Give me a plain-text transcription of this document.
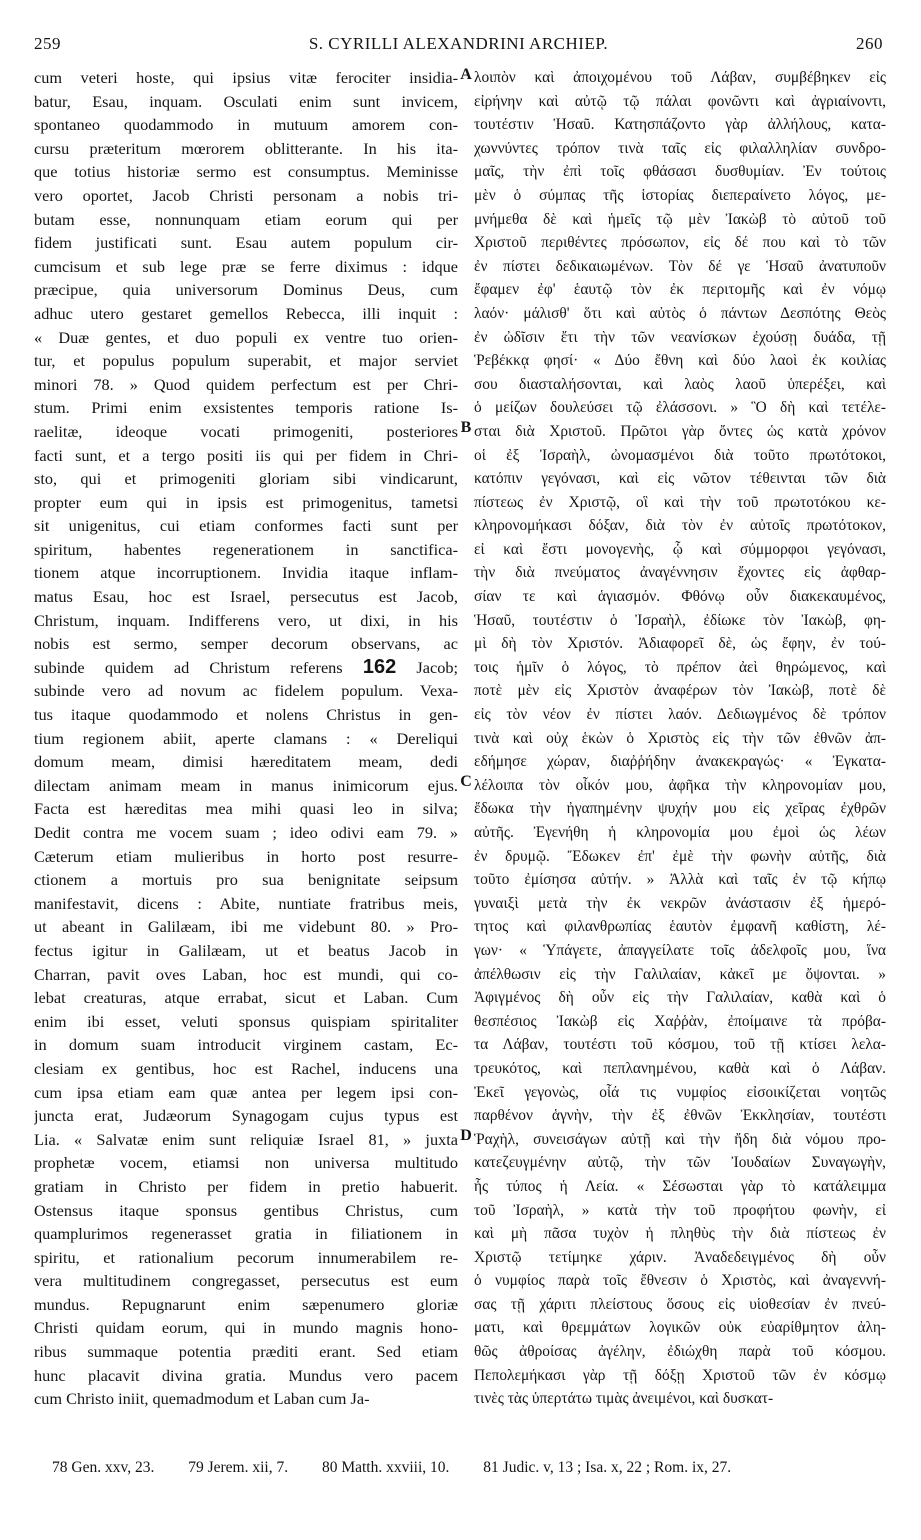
259	S. CYRILLI ALEXANDRINI ARCHIEP.	260
cum veteri hoste, qui ipsius vitæ ferociter insidia-
batur, Esau, inquam. Osculati enim sunt invicem,
spontaneo quodammodo in mutuum amorem con-
cursu præteritum mœrorem oblitterante. In his ita-
que totius historiæ sermo est consumptus. Meminisse
vero oportet, Jacob Christi personam a nobis tri-
butam esse, nonnunquam etiam eorum qui per
fidem justificati sunt. Esau autem populum cir-
cumcisum et sub lege præ se ferre diximus : idque
præcipue, quia universorum Dominus Deus, cum
adhuc utero gestaret gemellos Rebecca, illi inquit :
« Duæ gentes, et duo populi ex ventre tuo orien-
tur, et populus populum superabit, et major serviet
minori 78. » Quod quidem perfectum est per Chri-
stum. Primi enim exsistentes temporis ratione Is-
raelitæ, ideoque vocati primogeniti, posteriores
facti sunt, et a tergo positi iis qui per fidem in Chri-
sto, qui et primogeniti gloriam sibi vindicarunt,
propter eum qui in ipsis est primogenitus, tametsi
sit unigenitus, cui etiam conformes facti sunt per
spiritum, habentes regenerationem in sanctifica-
tionem atque incorruptionem. Invidia itaque inflam-
matus Esau, hoc est Israel, persecutus est Jacob,
Christum, inquam. Indifferens vero, ut dixi, in his
nobis est sermo, semper decorum observans, ac
subinde quidem ad Christum referens 162 Jacob;
subinde vero ad novum ac fidelem populum. Vexa-
tus itaque quodammodo et nolens Christus in gen-
tium regionem abiit, aperte clamans : « Dereliqui
domum meam, dimisi hæreditatem meam, dedi
dilectam animam meam in manus inimicorum ejus.
Facta est hæreditas mea mihi quasi leo in silva;
Dedit contra me vocem suam ; ideo odivi eam 79. »
Cæterum etiam mulieribus in horto post resurre-
ctionem a mortuis pro sua benignitate seipsum
manifestavit, dicens : Abite, nuntiate fratribus meis,
ut abeant in Galilæam, ibi me videbunt 80. » Pro-
fectus igitur in Galilæam, ut et beatus Jacob in
Charran, pavit oves Laban, hoc est mundi, qui co-
lebat creaturas, atque errabat, sicut et Laban. Cum
enim ibi esset, veluti sponsus quispiam spiritaliter
in domum suam introducit virginem castam, Ec-
clesiam ex gentibus, hoc est Rachel, inducens una
cum ipsa etiam eam quæ antea per legem ipsi con-
juncta erat, Judæorum Synagogam cujus typus est
Lia. « Salvatæ enim sunt reliquiæ Israel 81, » juxta
prophetæ vocem, etiamsi non universa multitudo
gratiam in Christo per fidem in pretio habuerit.
Ostensus itaque sponsus gentibus Christus, cum
quamplurimos regenerasset gratia in filiationem in
spiritu, et rationalium pecorum innumerabilem re-
vera multitudinem congregasset, persecutus est eum
mundus. Repugnarunt enim sæpenumero gloriæ
Christi quidam eorum, qui in mundo magnis hono-
ribus summaque potentia præditi erant. Sed etiam
hunc placavit divina gratia. Mundus vero pacem
cum Christo iniit, quemadmodum et Laban cum Ja-
λοιπὸν καὶ ἀποιχομένου τοῦ Λάβαν, συμβέβηκεν εἰς
εἰρήνην καὶ αὐτῷ τῷ πάλαι φονῶντι καὶ ἀγριαίνοντι,
τουτέστιν Ἡσαῦ. Κατησπάζοντο γὰρ ἀλλήλους, κατα-
χωννύντες τρόπον τινὰ ταῖς εἰς φιλαλληλίαν συνδρο-
μαῖς, τὴν ἐπὶ τοῖς φθάσασι δυσθυμίαν. Ἐν τούτοις
μὲν ὁ σύμπας τῆς ἱστορίας διεπεραίνετο λόγος, με-
μνήμεθα δὲ καὶ ἡμεῖς τῷ μὲν Ἰακὼβ τὸ αὐτοῦ τοῦ
Χριστοῦ περιθέντες πρόσωπον, εἰς δέ που καὶ τὸ τῶν
ἐν πίστει δεδικαιωμένων. Τὸν δέ γε Ἡσαῦ ἀνατυποῦν
ἔφαμεν ἐφ' ἑαυτῷ τὸν ἐκ περιτομῆς καὶ ἐν νόμῳ
λαόν· μάλισθ' ὅτι καὶ αὐτὸς ὁ πάντων Δεσπότης Θεὸς
ἐν ὠδῖσιν ἔτι τὴν τῶν νεανίσκων ἐχούσῃ δυάδα, τῇ
Ῥεβέκκᾳ φησί· « Δύο ἔθνη καὶ δύο λαοὶ ἐκ κοιλίας
σου διασταλήσονται, καὶ λαὸς λαοῦ ὑπερέξει, καὶ
ὁ μείζων δουλεύσει τῷ ἐλάσσονι. » Ὃ δὴ καὶ τετέλε-
σται διὰ Χριστοῦ. Πρῶτοι γὰρ ὄντες ὡς κατὰ χρόνον
οἱ ἐξ Ἰσραὴλ, ὠνομασμένοι διὰ τοῦτο πρωτότοκοι,
κατόπιν γεγόνασι, καὶ εἰς νῶτον τέθεινται τῶν διὰ
πίστεως ἐν Χριστῷ, οἳ καὶ τὴν τοῦ πρωτοτόκου κε-
κληρονομήκασι δόξαν, διὰ τὸν ἐν αὐτοῖς πρωτότοκον,
εἰ καὶ ἔστι μονογενὴς, ᾧ καὶ σύμμορφοι γεγόνασι,
τὴν διὰ πνεύματος ἀναγέννησιν ἔχοντες εἰς ἀφθαρ-
σίαν τε καὶ ἁγιασμόν. Φθόνῳ οὖν διακεκαυμένος,
Ἡσαῦ, τουτέστιν ὁ Ἰσραὴλ, ἐδίωκε τὸν Ἰακὼβ, φη-
μὶ δὴ τὸν Χριστόν. Ἀδιαφορεῖ δὲ, ὡς ἔφην, ἐν τού-
τοις ἡμῖν ὁ λόγος, τὸ πρέπον ἀεὶ θηρώμενος, καὶ
ποτὲ μὲν εἰς Χριστὸν ἀναφέρων τὸν Ἰακὼβ, ποτὲ δὲ
εἰς τὸν νέον ἐν πίστει λαόν. Δεδιωγμένος δὲ τρόπον
τινὰ καὶ οὐχ ἑκὼν ὁ Χριστὸς εἰς τὴν τῶν ἐθνῶν ἀπ-
εδήμησε χώραν, διαῤῥήδην ἀνακεκραγώς· « Ἐγκατα-
λέλοιπα τὸν οἶκόν μου, ἀφῆκα τὴν κληρονομίαν μου,
ἔδωκα τὴν ἠγαπημένην ψυχήν μου εἰς χεῖρας ἐχθρῶν
αὐτῆς. Ἐγενήθη ἡ κληρονομία μου ἐμοὶ ὡς λέων
ἐν δρυμῷ. Ἔδωκεν ἐπ' ἐμὲ τὴν φωνὴν αὐτῆς, διὰ
τοῦτο ἐμίσησα αὐτήν. » Ἀλλὰ καὶ ταῖς ἐν τῷ κήπῳ
γυναιξὶ μετὰ τὴν ἐκ νεκρῶν ἀνάστασιν ἐξ ἡμερό-
τητος καὶ φιλανθρωπίας ἑαυτὸν ἐμφανῆ καθίστη, λέ-
γων· « Ὑπάγετε, ἀπαγγείλατε τοῖς ἀδελφοῖς μου, ἵνα
ἀπέλθωσιν εἰς τὴν Γαλιλαίαν, κἀκεῖ με ὄψονται. »
Ἀφιγμένος δὴ οὖν εἰς τὴν Γαλιλαίαν, καθὰ καὶ ὁ
θεσπέσιος Ἰακὼβ εἰς Χαῤῥὰν, ἐποίμαινε τὰ πρόβα-
τα Λάβαν, τουτέστι τοῦ κόσμου, τοῦ τῇ κτίσει λελα-
τρευκότος, καὶ πεπλανημένου, καθὰ καὶ ὁ Λάβαν.
Ἐκεῖ γεγονὼς, οἷά τις νυμφίος εἰσοικίζεται νοητῶς
παρθένον ἁγνὴν, τὴν ἐξ ἐθνῶν Ἐκκλησίαν, τουτέστι
Ῥαχὴλ, συνεισάγων αὐτῇ καὶ τὴν ἤδη διὰ νόμου προ-
κατεζευγμένην αὐτῷ, τὴν τῶν Ἰουδαίων Συναγωγὴν,
ἧς τύπος ἡ Λεία. « Σέσωσται γὰρ τὸ κατάλειμμα
τοῦ Ἰσραὴλ, » κατὰ τὴν τοῦ προφήτου φωνὴν, εἰ
καὶ μὴ πᾶσα τυχὸν ἡ πληθὺς τὴν διὰ πίστεως ἐν
Χριστῷ τετίμηκε χάριν. Ἀναδεδειγμένος δὴ οὖν
ὁ νυμφίος παρὰ τοῖς ἔθνεσιν ὁ Χριστὸς, καὶ ἀναγεννή-
σας τῇ χάριτι πλείστους ὅσους εἰς υἱοθεσίαν ἐν πνεύ-
ματι, καὶ θρεμμάτων λογικῶν οὐκ εὐαρίθμητον ἀλη-
θῶς ἀθροίσας ἀγέλην, ἐδιώχθη παρὰ τοῦ κόσμου.
Πεπολεμήκασι γὰρ τῇ δόξῃ Χριστοῦ τῶν ἐν κόσμῳ
τινὲς τὰς ὑπερτάτω τιμὰς ἀνειμένοι, καὶ δυσκατ-
A
B
C
D
78 Gen. xxv, 23. 79 Jerem. xii, 7. 80 Matth. xxviii, 10. 81 Judic. v, 13 ; Isa. x, 22 ; Rom. ix, 27.
